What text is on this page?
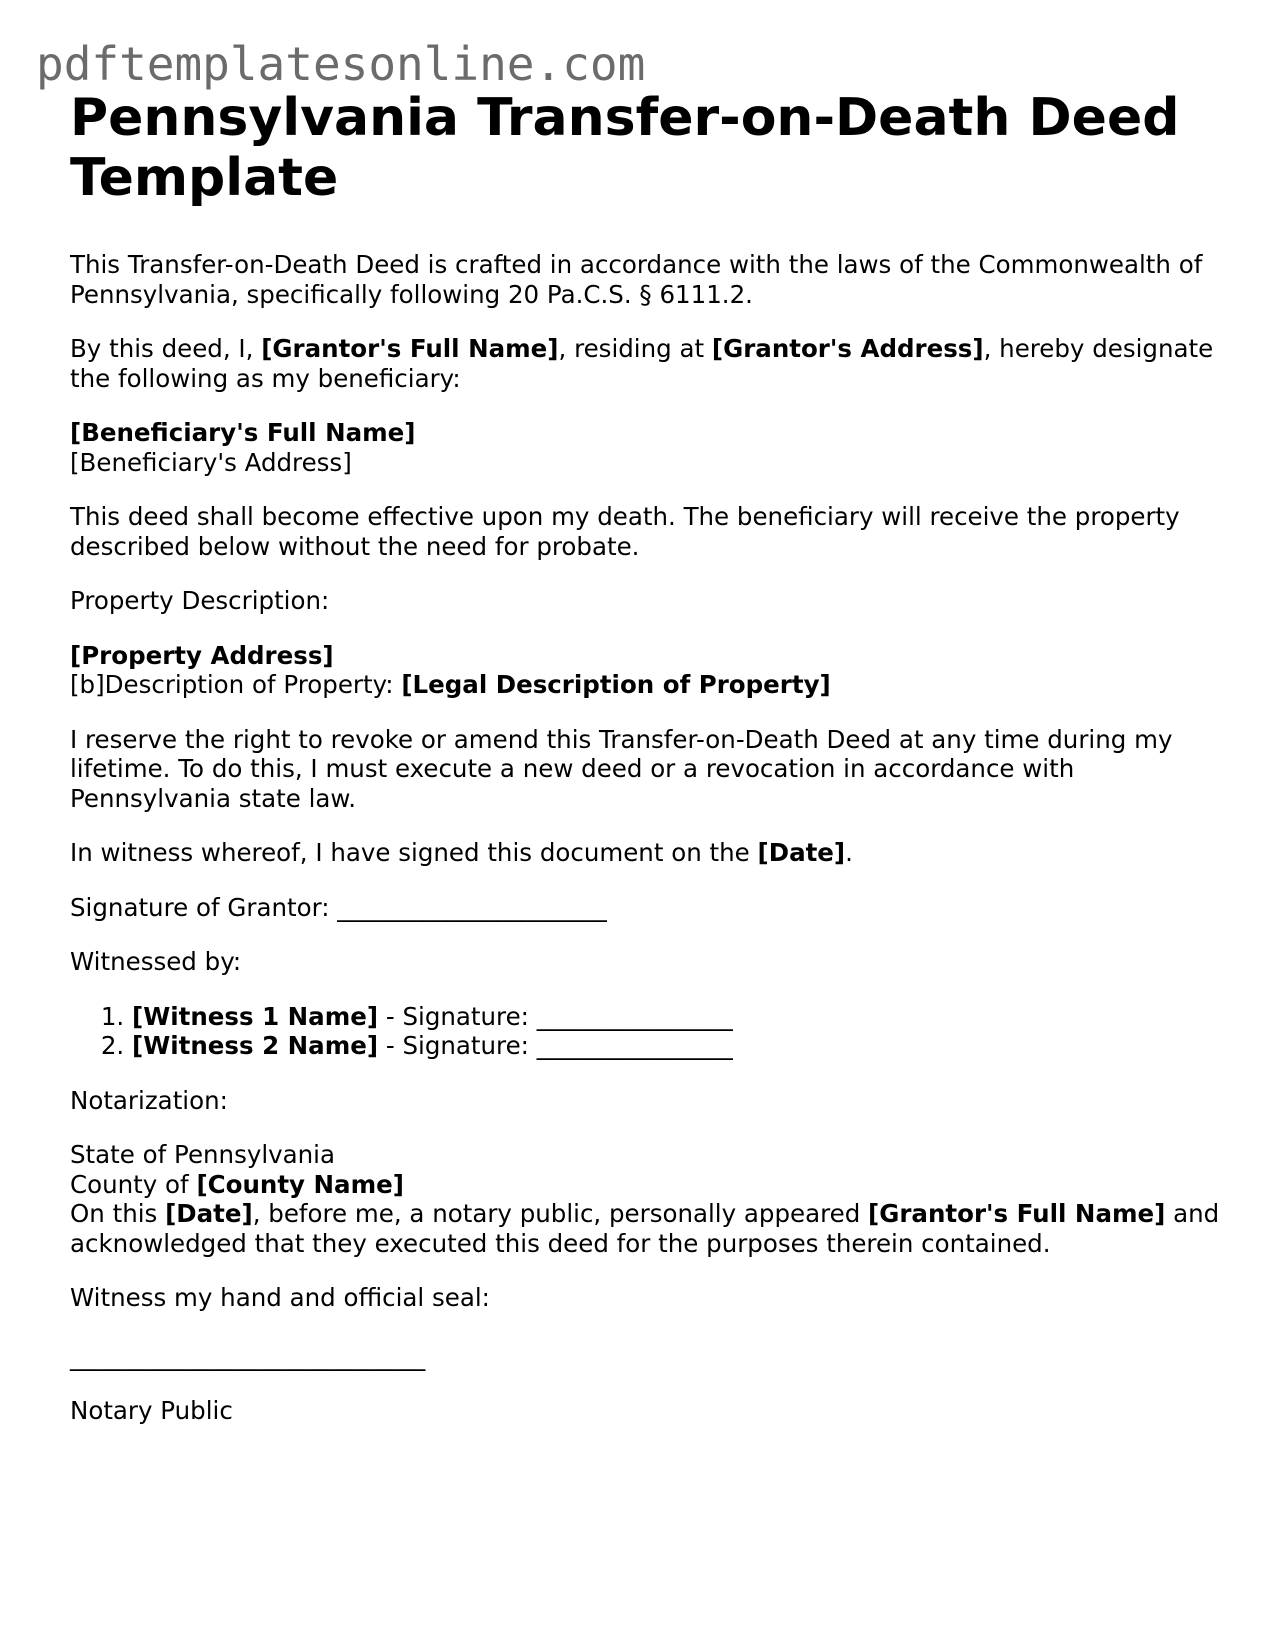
pdftemplatesonline.com
Pennsylvania Transfer-on-Death Deed Template

This Transfer-on-Death Deed is crafted in accordance with the laws of the Commonwealth of Pennsylvania, specifically following 20 Pa.C.S. § 6111.2.

By this deed, I, [Grantor's Full Name], residing at [Grantor's Address], hereby designate the following as my beneficiary:

[Beneficiary's Full Name]
[Beneficiary's Address]

This deed shall become effective upon my death. The beneficiary will receive the property described below without the need for probate.

Property Description:

[Property Address]
[b]Description of Property: [Legal Description of Property]

I reserve the right to revoke or amend this Transfer-on-Death Deed at any time during my lifetime. To do this, I must execute a new deed or a revocation in accordance with Pennsylvania state law.

In witness whereof, I have signed this document on the [Date].

Signature of Grantor: ______________________

Witnessed by:

1. [Witness 1 Name] - Signature: ________________
2. [Witness 2 Name] - Signature: ________________

Notarization:

State of Pennsylvania
County of [County Name]
On this [Date], before me, a notary public, personally appeared [Grantor's Full Name] and acknowledged that they executed this deed for the purposes therein contained.

Witness my hand and official seal:

_____________________________

Notary Public
